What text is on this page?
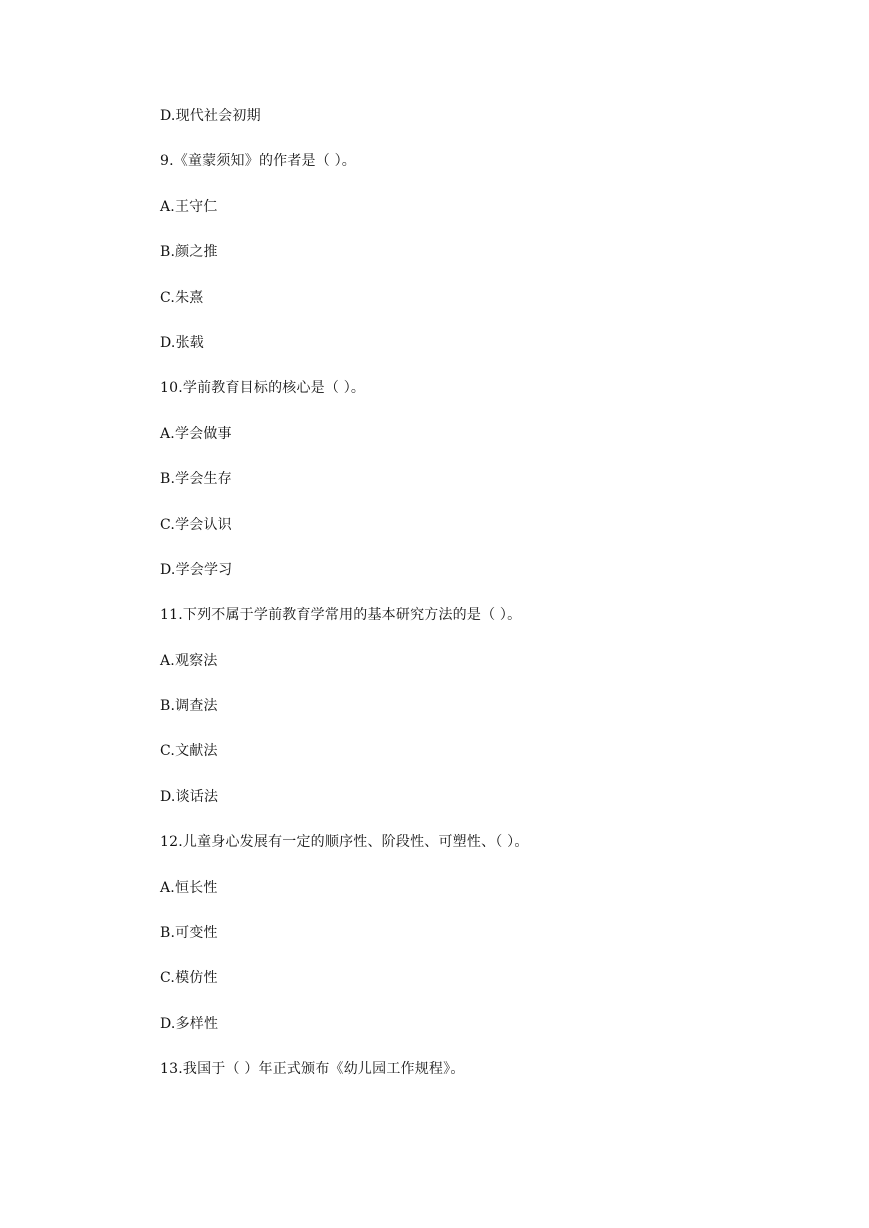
D.现代社会初期
9.《童蒙须知》的作者是（ ）。
A.王守仁
B.颜之推
C.朱熹
D.张载
10.学前教育目标的核心是（ ）。
A.学会做事
B.学会生存
C.学会认识
D.学会学习
11.下列不属于学前教育学常用的基本研究方法的是（ ）。
A.观察法
B.调查法
C.文献法
D.谈话法
12.儿童身心发展有一定的顺序性、阶段性、可塑性、（ ）。
A.恒长性
B.可变性
C.模仿性
D.多样性
13.我国于（ ）年正式颁布《幼儿园工作规程》。
